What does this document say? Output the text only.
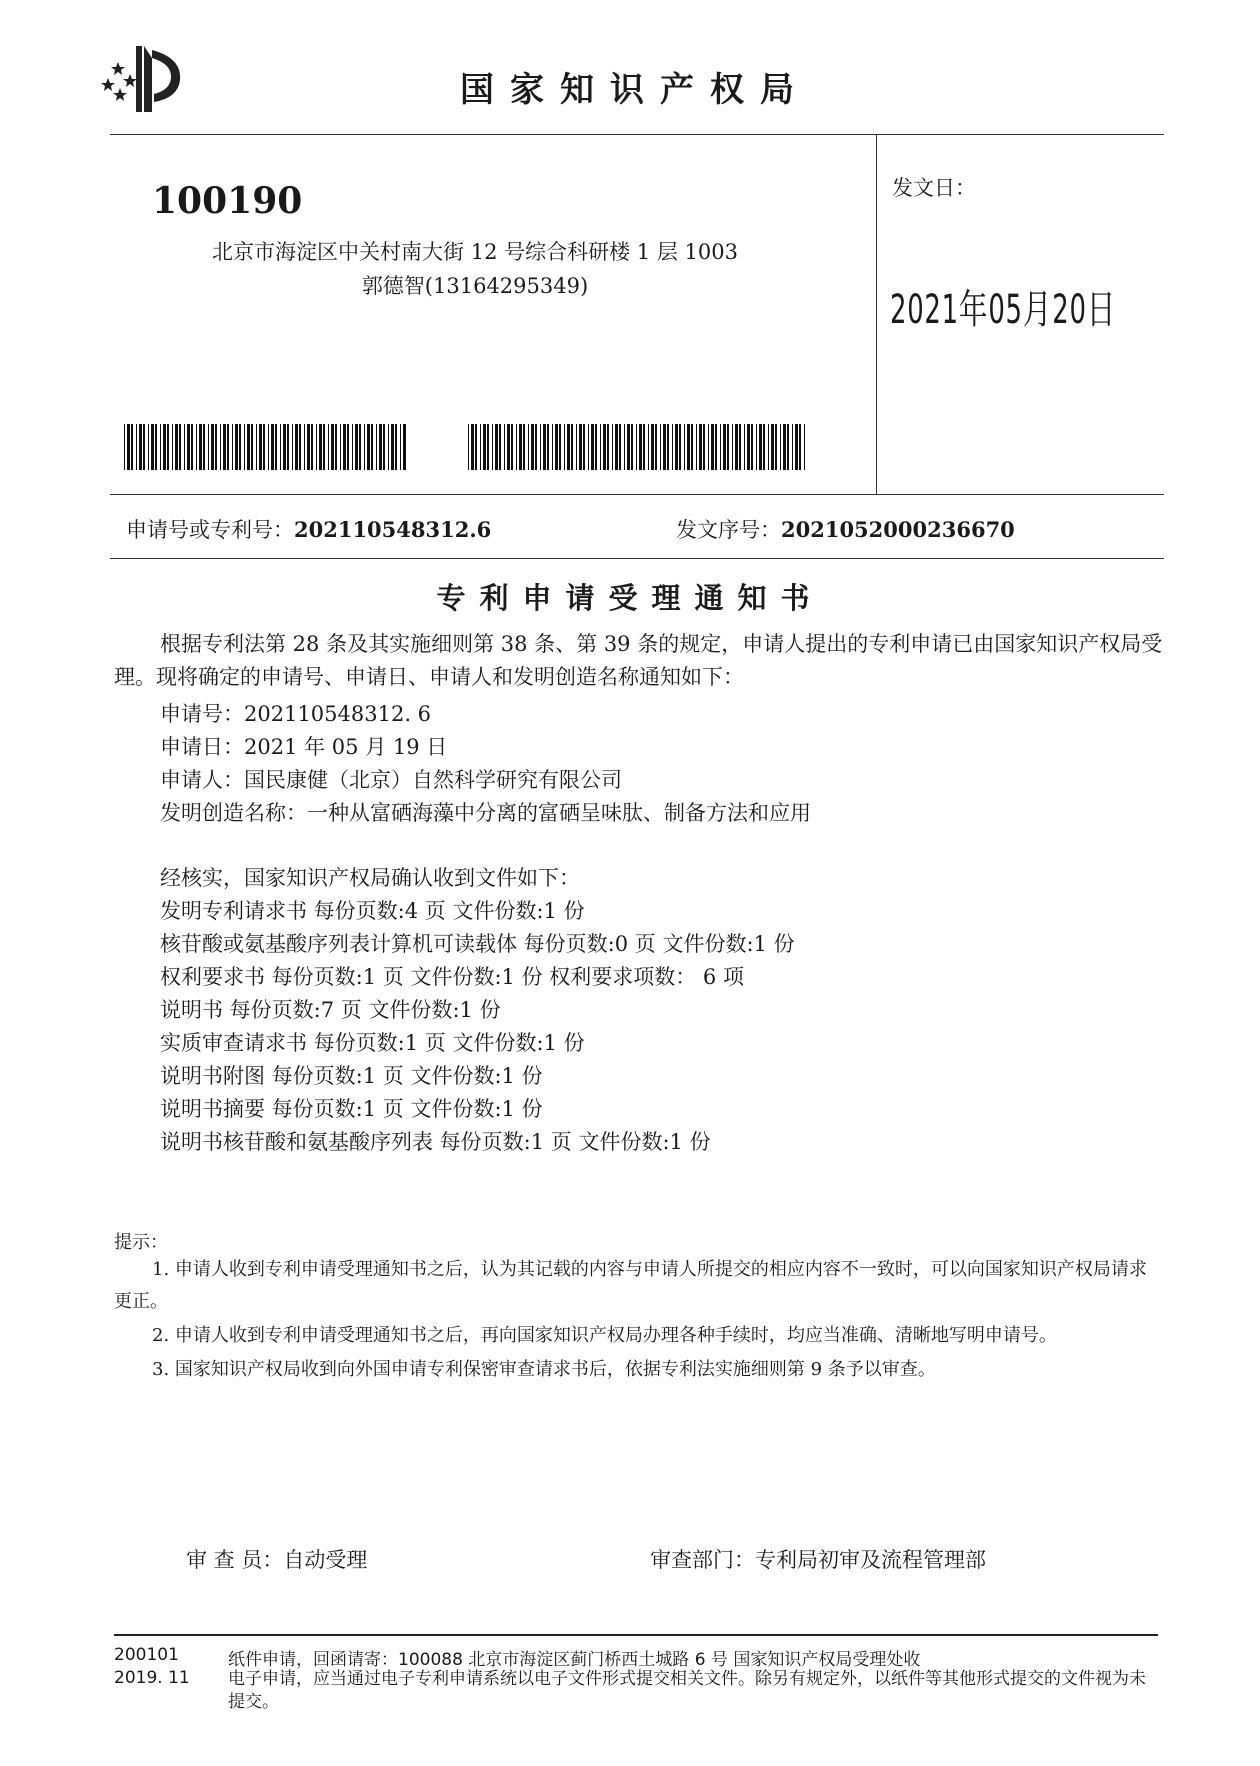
国家知识产权局
100190
北京市海淀区中关村南大街 12 号综合科研楼 1 层 1003
郭德智(13164295349)
发文日：
2021年05月20日
申请号或专利号：202110548312.6	发文序号：2021052000236670
专利申请受理通知书
根据专利法第 28 条及其实施细则第 38 条、第 39 条的规定，申请人提出的专利申请已由国家知识产权局受理。现将确定的申请号、申请日、申请人和发明创造名称通知如下：
申请号：202110548312. 6
申请日：2021 年 05 月 19 日
申请人：国民康健（北京）自然科学研究有限公司
发明创造名称：一种从富硒海藻中分离的富硒呈味肽、制备方法和应用
经核实，国家知识产权局确认收到文件如下：
发明专利请求书 每份页数:4 页 文件份数:1 份
核苷酸或氨基酸序列表计算机可读载体 每份页数:0 页 文件份数:1 份
权利要求书 每份页数:1 页 文件份数:1 份 权利要求项数： 6 项
说明书 每份页数:7 页 文件份数:1 份
实质审查请求书 每份页数:1 页 文件份数:1 份
说明书附图 每份页数:1 页 文件份数:1 份
说明书摘要 每份页数:1 页 文件份数:1 份
说明书核苷酸和氨基酸序列表 每份页数:1 页 文件份数:1 份
提示：
1. 申请人收到专利申请受理通知书之后，认为其记载的内容与申请人所提交的相应内容不一致时，可以向国家知识产权局请求更正。
2. 申请人收到专利申请受理通知书之后，再向国家知识产权局办理各种手续时，均应当准确、清晰地写明申请号。
3. 国家知识产权局收到向外国申请专利保密审查请求书后，依据专利法实施细则第 9 条予以审查。
审 查 员：自动受理	审查部门：专利局初审及流程管理部
200101
2019. 11
纸件申请，回函请寄：100088 北京市海淀区蓟门桥西土城路 6 号 国家知识产权局受理处收
电子申请，应当通过电子专利申请系统以电子文件形式提交相关文件。除另有规定外，以纸件等其他形式提交的文件视为未提交。
